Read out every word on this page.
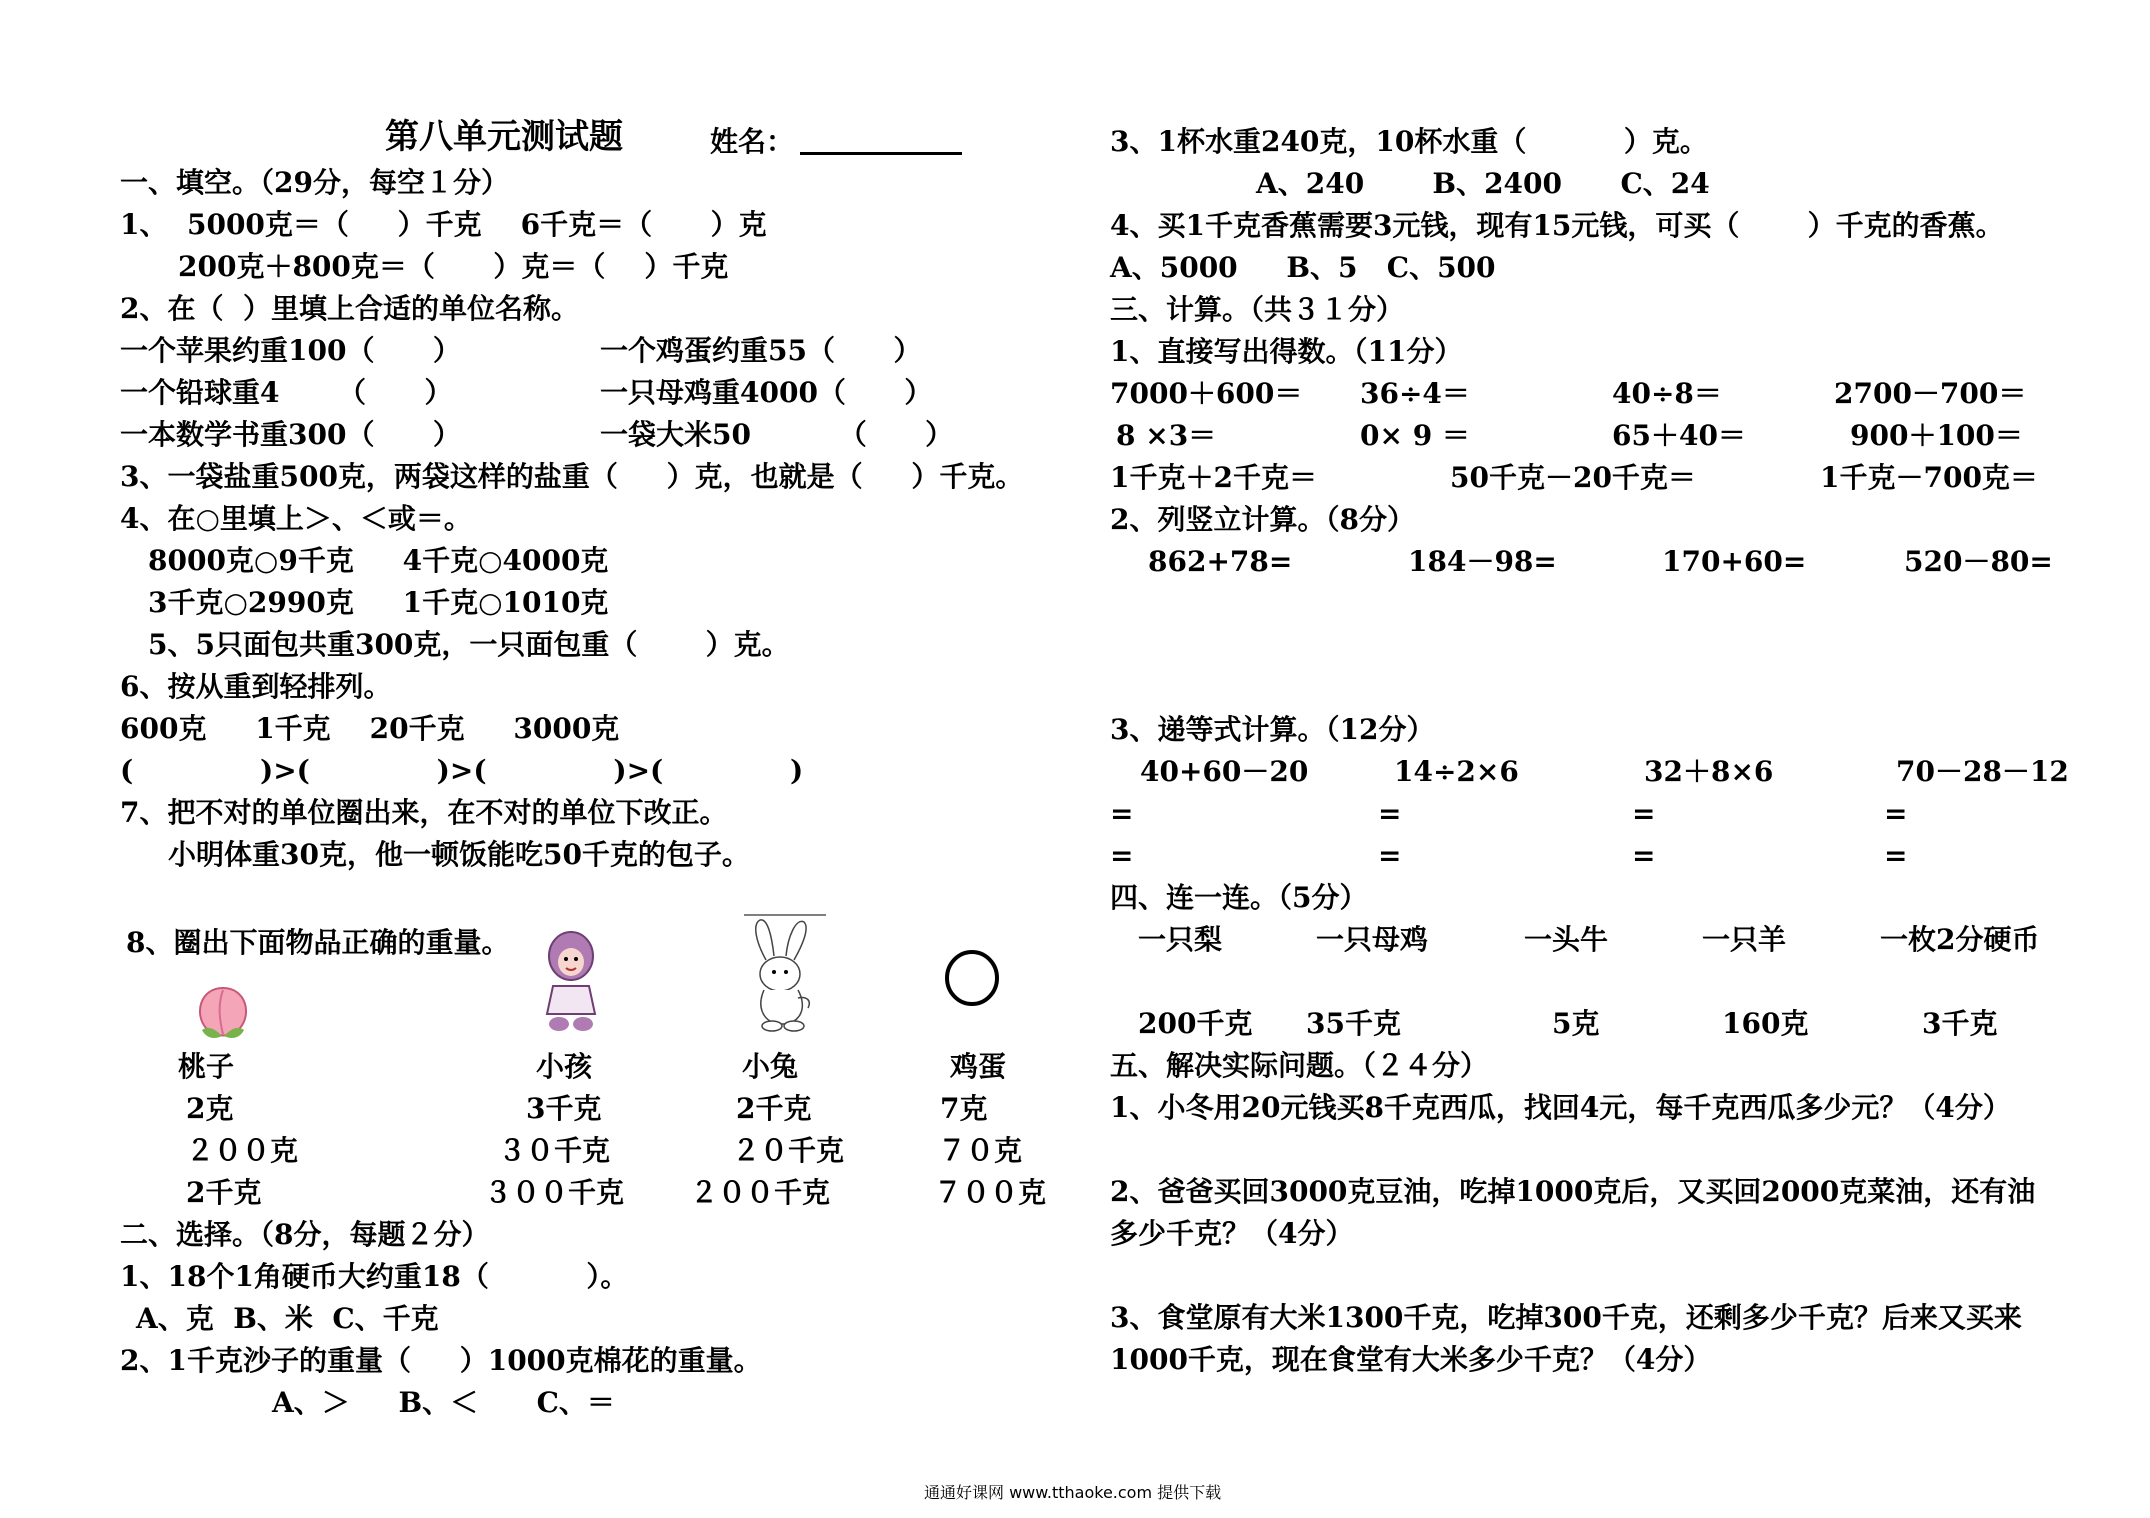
第八单元测试题	姓名：
一、填空。（29分，每空１分）
1、  5000克＝（     ）千克    6千克＝（      ）克
200克＋800克＝（      ）克＝（    ）千克
2、在（  ）里填上合适的单位名称。
一个苹果约重100（      ）	一个鸡蛋约重55（      ）
一个铅球重4      （      ）	一只母鸡重4000（      ）
一本数学书重300（      ）	一袋大米50         （      ）
3、一袋盐重500克，两袋这样的盐重（     ）克，也就是（     ）千克。
4、在○里填上＞、＜或＝。
8000克○9千克     4千克○4000克
3千克○2990克     1千克○1010克
5、5只面包共重300克，一只面包重（       ）克。
6、按从重到轻排列。
600克     1千克    20千克     3000克
(             )>(             )>(             )>(             )
7、把不对的单位圈出来，在不对的单位下改正。
小明体重30克，他一顿饭能吃50千克的包子。
8、圈出下面物品正确的重量。
桃子	小孩	小兔	鸡蛋
2克	3千克	2千克	7克
２００克	３０千克	２０千克	７０克
2千克	３００千克 ２００千克	７００克
二、选择。（8分，每题２分）
1、18个1角硬币大约重18（          ）。
A、克  B、米  C、千克
2、1千克沙子的重量（     ）1000克棉花的重量。
A、＞     B、＜      C、＝
3、1杯水重240克，10杯水重（          ）克。
A、240       B、2400      C、24
4、买1千克香蕉需要3元钱，现有15元钱，可买（       ）千克的香蕉。
A、5000     B、5   C、500
三、计算。（共３１分）
1、直接写出得数。（11分）
7000＋600＝ 36÷4＝	40÷8＝	2700－700＝
8 ×3＝	0× 9 ＝	65＋40＝	900＋100＝
1千克＋2千克＝	50千克－20千克＝	1千克－700克＝
2、列竖立计算。（8分）
862+78=	184－98=	170+60=	520－80=
3、递等式计算。（12分）
40+60－20	14÷2×6	32＋8×6	70－28－12
=	=	=	=
=	=	=	=
四、连一连。（5分）
一只梨	一只母鸡	一头牛	一只羊	一枚2分硬币
200千克 35千克	5克	160克	3千克
五、解决实际问题。（２４分）
1、小冬用20元钱买8千克西瓜，找回4元，每千克西瓜多少元？（4分）
2、爸爸买回3000克豆油，吃掉1000克后，又买回2000克菜油，还有油
多少千克？（4分）
3、食堂原有大米1300千克，吃掉300千克，还剩多少千克？后来又买来
1000千克，现在食堂有大米多少千克？（4分）
通通好课网 www.tthaoke.com 提供下载
